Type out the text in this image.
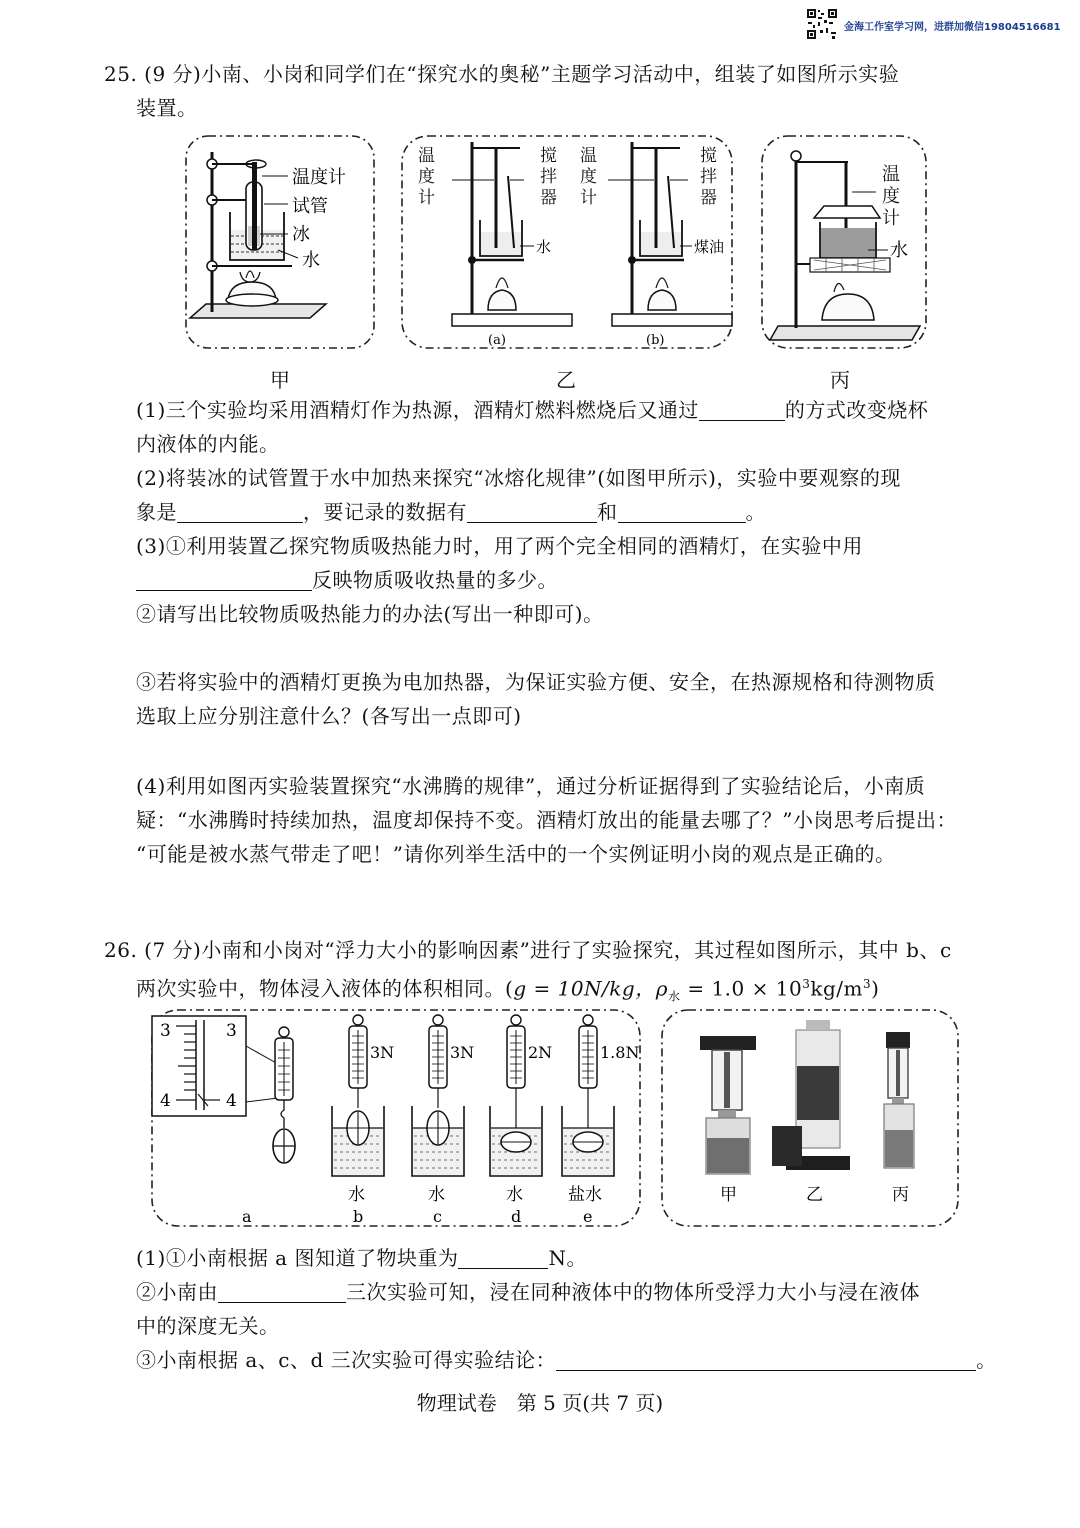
金海工作室学习网，进群加微信19804516681
25. (9 分)小南、小岗和同学们在“探究水的奥秘”主题学习活动中，组装了如图所示实验
装置。
温度计
试管
冰
水
甲
水
(a)	(b)
煤油
温度计
搅拌器
温度计
搅拌器
乙
水
温度计
丙
(1)三个实验均采用酒精灯作为热源，酒精灯燃料燃烧后又通过	的方式改变烧杯
内液体的内能。
(2)将装冰的试管置于水中加热来探究“冰熔化规律”(如图甲所示)，实验中要观察的现
象是	，要记录的数据有	和	。
(3)①利用装置乙探究物质吸热能力时，用了两个完全相同的酒精灯，在实验中用
反映物质吸收热量的多少。
②请写出比较物质吸热能力的办法(写出一种即可)。
③若将实验中的酒精灯更换为电加热器，为保证实验方便、安全，在热源规格和待测物质
选取上应分别注意什么？(各写出一点即可)
(4)利用如图丙实验装置探究“水沸腾的规律”，通过分析证据得到了实验结论后，小南质
疑：“水沸腾时持续加热，温度却保持不变。酒精灯放出的能量去哪了？”小岗思考后提出：
“可能是被水蒸气带走了吧！”请你列举生活中的一个实例证明小岗的观点是正确的。
26. (7 分)小南和小岗对“浮力大小的影响因素”进行了实验探究，其过程如图所示，其中 b、c
两次实验中，物体浸入液体的体积相同。(g = 10N/kg，$\rho_水 = 1.0 \times 10^3kg/m^3$)
3	3
4	4
3N
水
b
3N
水
c
2N
水
d
1.8N
盐水
e
a
甲	乙	丙
(1)①小南根据 a 图知道了物块重为	N。
②小南由	三次实验可知，浸在同种液体中的物体所受浮力大小与浸在液体
中的深度无关。
③小南根据 a、c、d 三次实验可得实验结论：	。
物理试卷　第 5 页(共 7 页)
